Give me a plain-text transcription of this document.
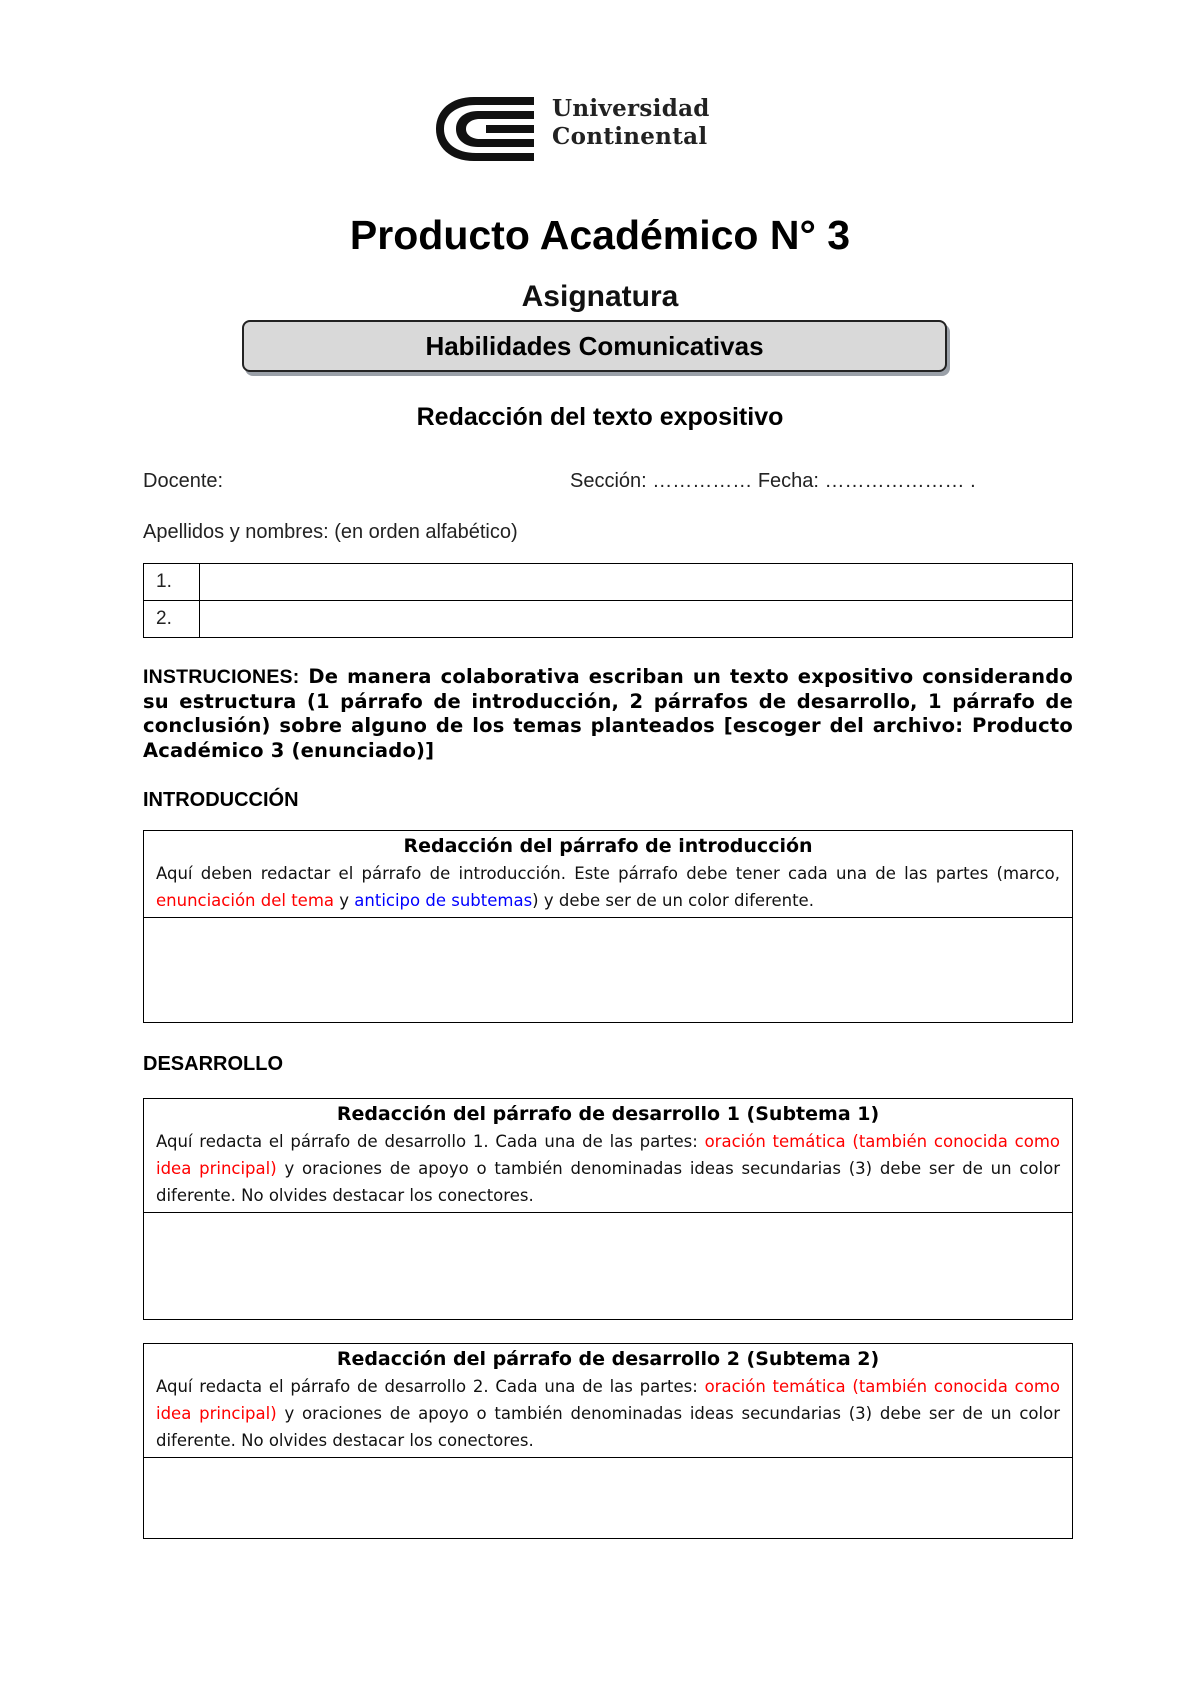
Universidad
Continental
Producto Académico N° 3
Asignatura
Habilidades Comunicativas
Redacción del texto expositivo
Docente:	Sección: …………… Fecha: ………………… .
Apellidos y nombres: (en orden alfabético)
1.	
2.	
INSTRUCIONES: De manera colaborativa escriban un texto expositivo considerando su estructura (1 párrafo de introducción, 2 párrafos de desarrollo, 1 párrafo de conclusión) sobre alguno de los temas planteados [escoger del archivo: Producto Académico 3 (enunciado)]
INTRODUCCIÓN
Redacción del párrafo de introducción
Aquí deben redactar el párrafo de introducción. Este párrafo debe tener cada una de las partes (marco, enunciación del tema y anticipo de subtemas) y debe ser de un color diferente.
DESARROLLO
Redacción del párrafo de desarrollo 1 (Subtema 1)
Aquí redacta el párrafo de desarrollo 1. Cada una de las partes: oración temática (también conocida como idea principal) y oraciones de apoyo o también denominadas ideas secundarias (3) debe ser de un color diferente. No olvides destacar los conectores.
Redacción del párrafo de desarrollo 2 (Subtema 2)
Aquí redacta el párrafo de desarrollo 2. Cada una de las partes: oración temática (también conocida como idea principal) y oraciones de apoyo o también denominadas ideas secundarias (3) debe ser de un color diferente. No olvides destacar los conectores.
